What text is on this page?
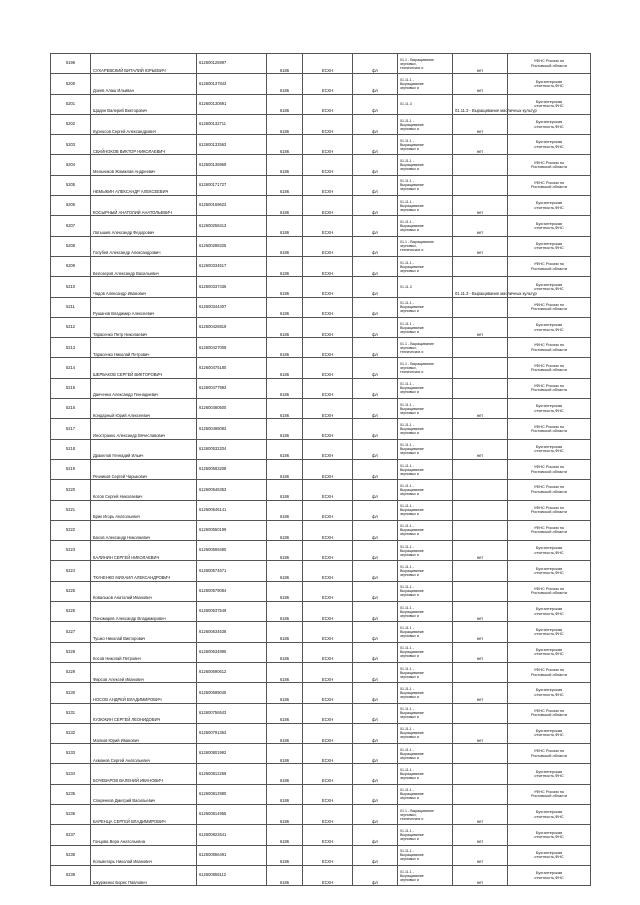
5196	СУХАРЕВСКИЙ ВИТАЛИЙ ЮРЬЕВИЧ	612600125997	6186	ЕСХН	фл	01.1 - Выращивание
зерновых,
технических и	нет	УФНС России по
Ростовской области
5200	Дзеев Алаш Ильиван	612600137843	6186	ЕСХН	фл	01.11.1 -
Выращивание
зерновых и	нет	Бухгалтерская
отчетность,ФНС
5201	Щадин Валерий Викторович	612600130891	6186	ЕСХН	фл	01.11.3	01.11.3 - Выращивание масличных культур	Бухгалтерская
отчетность,ФНС
5202	Курносов Сергей Александрович	612600132711	6186	ЕСХН	фл	01.11.1 -
Выращивание
зерновых и	нет	Бухгалтерская
отчетность,ФНС
5203	СВАЙНОКОВ ВИКТОР НИКОЛАЕВИЧ	612600132563	6186	ЕСХН	фл	01.11.1 -
Выращивание
зерновых и	нет	Бухгалтерская
отчетность,ФНС
5204	Мельников Жомжлав Андреевич	612600136969	6186	ЕСХН	фл	01.11.1 -
Выращивание
зерновых и		УФНС России по
Ростовской области
5205	НЕМЫКИН АЛЕКСАНДР АЛЕКСЕЕВИЧ	612600171727	6186	ЕСХН	фл	01.11.1 -
Выращивание
зерновых и		УФНС России по
Ростовской области
5206	КОСЫРНЫЙ АНАТОЛИЙ АНАТОЛЬЕВИЧ	612600169623	6186	ЕСХН	фл	01.11.1 -
Выращивание
зерновых и	нет	Бухгалтерская
отчетность,ФНС
5207	Латышев Александр Федорович	612600258413	6186	ЕСХН	фл	01.11.1 -
Выращивание
зерновых и	нет	Бухгалтерская
отчетность,ФНС
5208	Голубев Александр Александрович	612600288325	6186	ЕСХН	фл	01.1 - Выращивание
зерновых,
технических и	нет	Бухгалтерская
отчетность,ФНС
5209	Белозеров Александр Васильевич	612600334517	6186	ЕСХН	фл	01.11.1 -
Выращивание
зерновых и		УФНС России по
Ростовской области
5210	Чадов Александр Иванович	612600337436	6186	ЕСХН	фл	01.11.3	01.11.3 - Выращивание масличных культур	Бухгалтерская
отчетность,ФНС
5211	Рушанов Владимир Алексеевич	612600344407	6186	ЕСХН	фл	01.11.1 -
Выращивание
зерновых и		УФНС России по
Ростовской области
5212	Тарасенко Петр Николаевич	612600426819	6186	ЕСХН	фл	01.11.1 -
Выращивание
зерновых и	нет	Бухгалтерская
отчетность,ФНС
5213	Тарасенко Николай Петрович	612600427009	6186	ЕСХН	фл	01.1 - Выращивание
зерновых,
технических и		УФНС России по
Ростовской области
5214	ШЕРБАКОВ СЕРГЕЙ ВИКТОРОВИЧ	612600475180	6186	ЕСХН	фл	01.1 - Выращивание
зерновых,
технических и		УФНС России по
Ростовской области
5215	Данченко Александр Геннадиевич	612600477993	6186	ЕСХН	фл	01.11.1 -
Выращивание
зерновых и		УФНС России по
Ростовской области
5216	Кондарный Юрий Алексеевич	612600480500	6186	ЕСХН	фл	01.11.1 -
Выращивание
зерновых и	нет	Бухгалтерская
отчетность,ФНС
5217	Иностранко Александр Вячеславович	612600498083	6186	ЕСХН	фл	01.11.1 -
Выращивание
зерновых и		УФНС России по
Ростовской области
5218	Дракелов Геннадий Ильич	612600532204	6186	ЕСХН	фл	01.11.1 -
Выращивание
зерновых и	нет	Бухгалтерская
отчетность,ФНС
5219	Резников Сергей Чарыкович	612600593208	6186	ЕСХН	фл	01.11.1 -
Выращивание
зерновых и		УФНС России по
Ростовской области
5220	Котов Сергей Николаевич	612600546353	6186	ЕСХН	фл	01.11.1 -
Выращивание
зерновых и		УФНС России по
Ростовской области
5221	Брик Игорь Анатольевич	612600546141	6186	ЕСХН	фл	01.11.1 -
Выращивание
зерновых и		УФНС России по
Ростовской области
5222	Басов Александр Николаевич	612600550199	6186	ЕСХН	фл	01.11.1 -
Выращивание
зерновых и		УФНС России по
Ростовской области
5223	КАЛИНИН СЕРГЕЙ НИКОЛАЕВИЧ	612600569480	6186	ЕСХН	фл	01.11.1 -
Выращивание
зерновых и	нет	Бухгалтерская
отчетность,ФНС
5224	ТКАЧЕНКО МИХАИЛ АЛЕКСАНДРОВИЧ	612600574571	6186	ЕСХН	фл	01.11.1 -
Выращивание
зерновых и		Бухгалтерская
отчетность,ФНС
5225	Ковальков Анатолий Иванович	612600579084	6186	ЕСХН	фл	01.11.1 -
Выращивание
зерновых и		УФНС России по
Ростовской области
5226	Пономарев Александр Владимирович	612600637549	6186	ЕСХН	фл	01.11.1 -
Выращивание
зерновых и	нет	Бухгалтерская
отчетность,ФНС
5227	Тушко Николай Викторович	612600634538	6186	ЕСХН	фл	01.11.1 -
Выращивание
зерновых и	нет	Бухгалтерская
отчетность,ФНС
5228	Косов Николай Петрович	612600634896	6186	ЕСХН	фл	01.11.1 -
Выращивание
зерновых и	нет	Бухгалтерская
отчетность,ФНС
5229	Фирсов Алексей Иванович	612600690612	6186	ЕСХН	фл	01.11.1 -
Выращивание
зерновых и		УФНС России по
Ростовской области
5230	НОСОВ АНДРЕЙ ВЛАДИМИРОВИЧ	612600699045	6186	ЕСХН	фл	01.11.1 -
Выращивание
зерновых и	нет	Бухгалтерская
отчетность,ФНС
5231	КУЗЮКИН СЕРГЕЙ ЛЕОНИДОВИЧ	612600756543	6186	ЕСХН	фл	01.11.1 -
Выращивание
зерновых и		УФНС России по
Ростовской области
5232	Малков Юрий Иванович	612600791363	6186	ЕСХН	фл	01.11.1 -
Выращивание
зерновых и	нет	Бухгалтерская
отчетность,ФНС
5233	Ахманов Сергей Анатольевич	612600801992	6186	ЕСХН	фл	01.11.1 -
Выращивание
зерновых и		УФНС России по
Ростовской области
5234	БОЧЕВАРОВ ВАЛЕНИЙ ИВАНОВИЧ	612600812269	6186	ЕСХН	фл	01.11.1 -
Выращивание
зерновых и		Бухгалтерская
отчетность,ФНС
5235	Спиренков Дмитрий Васильевич	612600812980	6186	ЕСХН	фл	01.11.1 -
Выращивание
зерновых и		УФНС России по
Ростовской области
5236	БАРЕНЦА СЕРГЕЙ ВЛАДИМИРОВИЧ	612600814955	6186	ЕСХН	фл	01.1 - Выращивание
зерновых,
технических и	нет	Бухгалтерская
отчетность,ФНС
5237	Гонцова Вера Анатольевна	612600822641	6186	ЕСХН	фл	01.11.1 -
Выращивание
зерновых и	нет	Бухгалтерская
отчетность,ФНС
5238	Кольветарь Николай Иванович	612600856491	6186	ЕСХН	фл	01.11.1 -
Выращивание
зерновых и	нет	Бухгалтерская
отчетность,ФНС
5239	Шкурженко Борис Павлович	612600858112	6186	ЕСХН	фл	01.11.1 -
Выращивание
зерновых и	нет	Бухгалтерская
отчетность,ФНС
